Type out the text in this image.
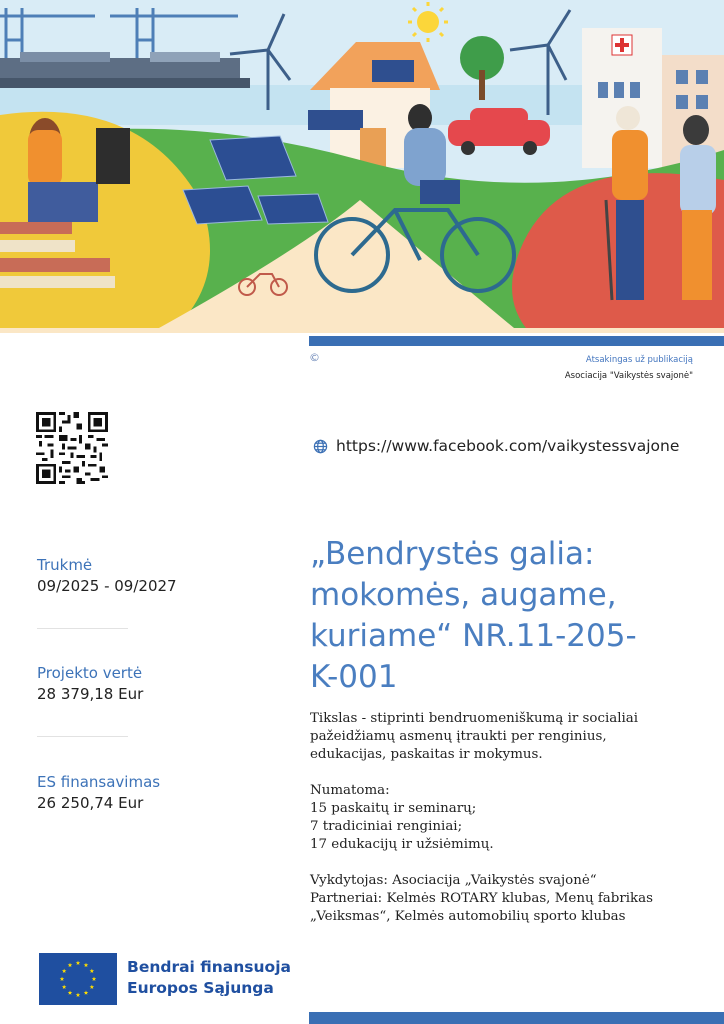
©	Atsakingas už publikaciją
Asociacija "Vaikystės svajonė"
https://www.facebook.com/vaikystessvajone
Trukmė
09/2025 - 09/2027
Projekto vertė
28 379,18 Eur
ES finansavimas
26 250,74 Eur
„Bendrystės galia:
mokomės, augame,
kuriame“ NR.11-205-
K-001
Tikslas - stiprinti bendruomeniškumą ir socialiai
pažeidžiamų asmenų įtraukti per renginius,
edukacijas, paskaitas ir mokymus.
Numatoma:
15 paskaitų ir seminarų;
7 tradiciniai renginiai;
17 edukacijų ir užsiėmimų.
Vykdytojas: Asociacija „Vaikystės svajonė“
Partneriai: Kelmės ROTARY klubas, Menų fabrikas
„Veiksmas“, Kelmės automobilių sporto klubas
Bendrai finansuoja
Europos Sąjunga
